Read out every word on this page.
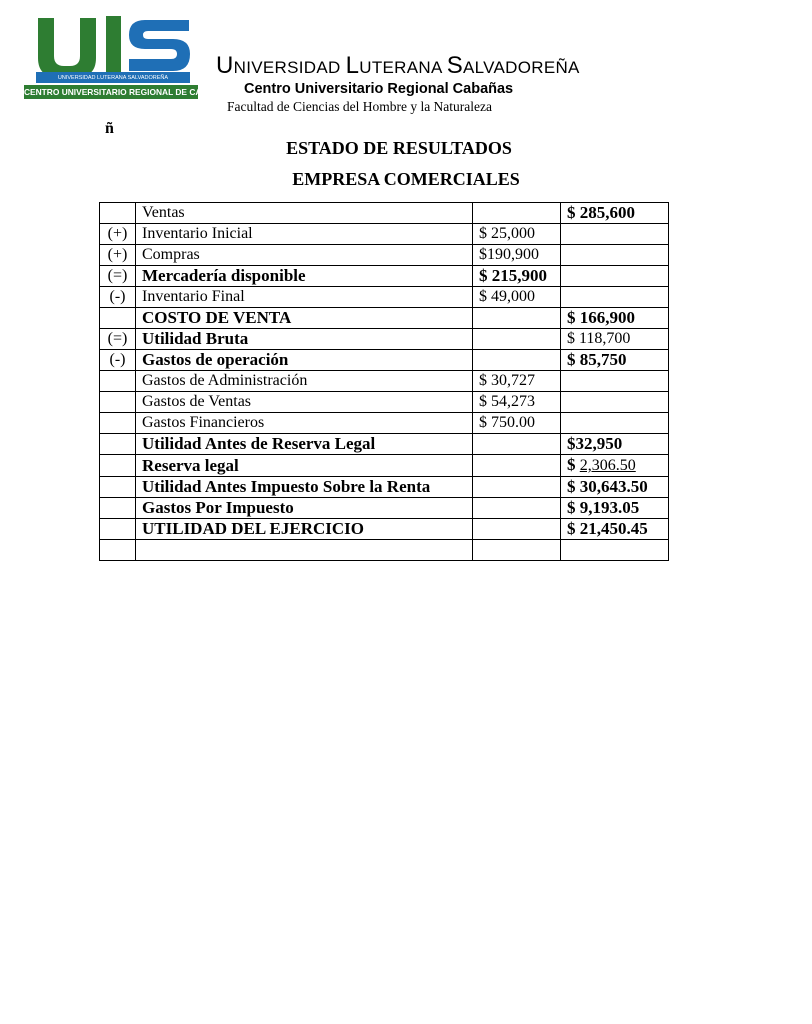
UNIVERSIDAD LUTERANA SALVADOREÑA
CENTRO UNIVERSITARIO REGIONAL DE CABAÑAS
UNIVERSIDAD LUTERANA SALVADOREÑA
Centro Universitario Regional Cabañas
Facultad de Ciencias del Hombre y la Naturaleza
ñ
ESTADO DE RESULTADOS
EMPRESA COMERCIALES
	Ventas		$ 285,600
(+)	Inventario Inicial	$ 25,000	
(+)	Compras	$190,900	
(=)	Mercadería disponible	$ 215,900	
(-)	Inventario Final	$ 49,000	
	COSTO DE VENTA		$ 166,900
(=)	Utilidad Bruta		$ 118,700
(-)	Gastos de operación		$ 85,750
	Gastos de Administración	$ 30,727	
	Gastos de Ventas	$ 54,273	
	Gastos Financieros	$ 750.00	
	Utilidad Antes de Reserva Legal		$32,950
	Reserva legal		$ 2,306.50
	Utilidad Antes Impuesto Sobre la Renta		$ 30,643.50
	Gastos Por Impuesto		$ 9,193.05
	UTILIDAD DEL EJERCICIO		$ 21,450.45
